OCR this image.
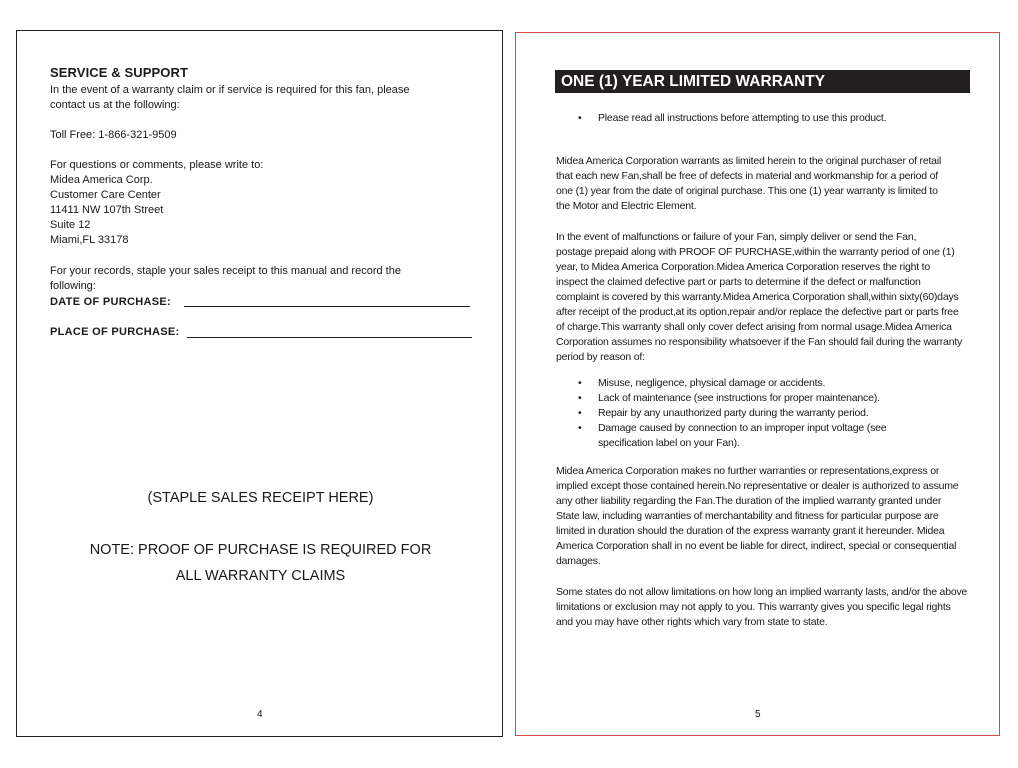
SERVICE & SUPPORT
In the event of a warranty claim or if service is required for this fan, please
contact us at the following:
Toll Free: 1-866-321-9509
For questions or comments, please write to:
Midea America Corp.
Customer Care Center
11411 NW 107th Street
Suite 12
Miami,FL 33178
For your records, staple your sales receipt to this manual and record the
following:
DATE OF PURCHASE:
PLACE OF PURCHASE:
(STAPLE SALES RECEIPT HERE)
NOTE: PROOF OF PURCHASE IS REQUIRED FOR
ALL WARRANTY CLAIMS
4
ONE (1) YEAR LIMITED WARRANTY
• Please read all instructions before attempting to use this product.
Midea America Corporation warrants as limited herein to the original purchaser of retail
that each new Fan,shall be free of defects in material and workmanship for a period of
one (1) year from the date of original purchase. This one (1) year warranty is limited to
the Motor and Electric Element.
In the event of malfunctions or failure of your Fan, simply deliver or send the Fan,
postage prepaid along with PROOF OF PURCHASE,within the warranty period of one (1)
year, to Midea America Corporation.Midea America Corporation reserves the right to
inspect the claimed defective part or parts to determine if the defect or malfunction
complaint is covered by this warranty.Midea America Corporation shall,within sixty(60)days
after receipt of the product,at its option,repair and/or replace the defective part or parts free
of charge.This warranty shall only cover defect arising from normal usage.Midea America
Corporation assumes no responsibility whatsoever if the Fan should fail during the warranty
period by reason of:
• Misuse, negligence, physical damage or accidents.
• Lack of maintenance (see instructions for proper maintenance).
• Repair by any unauthorized party during the warranty period.
• Damage caused by connection to an improper input voltage (see specification label on your Fan).
Midea America Corporation makes no further warranties or representations,express or
implied except those contained herein.No representative or dealer is authorized to assume
any other liability regarding the Fan.The duration of the implied warranty granted under
State law, including warranties of merchantability and fitness for particular purpose are
limited in duration should the duration of the express warranty grant it hereunder. Midea
America Corporation shall in no event be liable for direct, indirect, special or consequential
damages.
Some states do not allow limitations on how long an implied warranty lasts, and/or the above
limitations or exclusion may not apply to you. This warranty gives you specific legal rights
and you may have other rights which vary from state to state.
5
